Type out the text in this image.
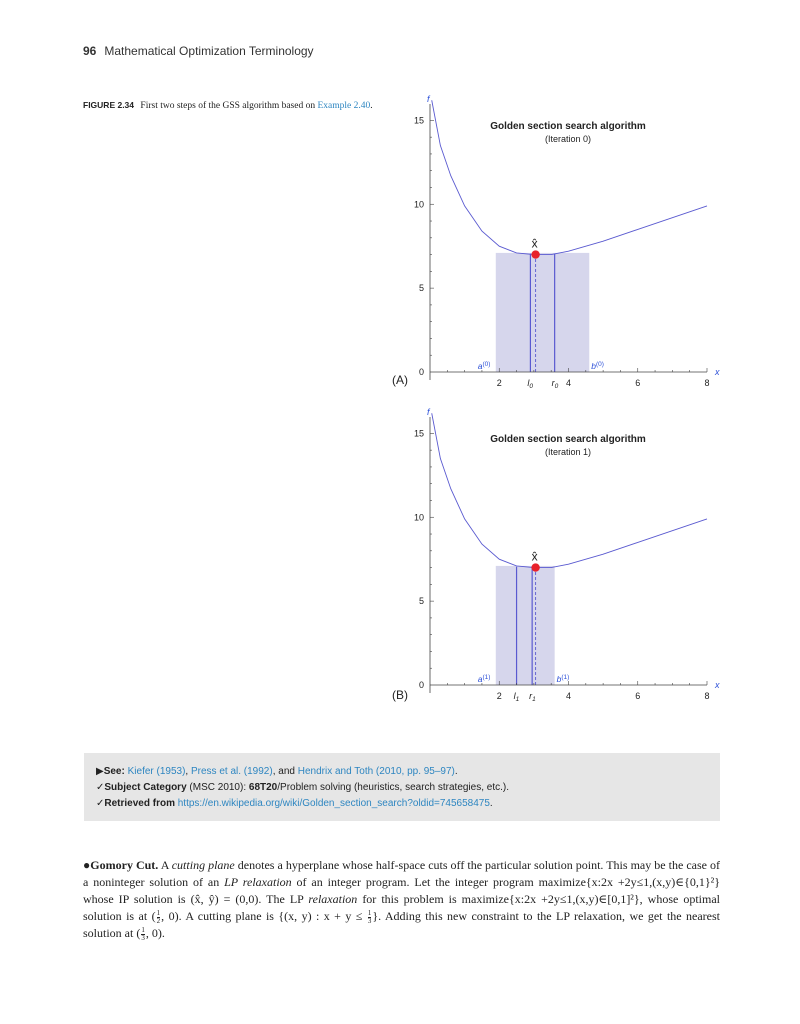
96 Mathematical Optimization Terminology
FIGURE 2.34 First two steps of the GSS algorithm based on Example 2.40.
(A)	$l_0$ $r_0$
x̂
2	4	6	8
0
5
10
15
f
x
Golden section search algorithm
(Iteration 0)
$a^{(0)}$	$b^{(0)}$
(B)	$l_1$ $r_1$
x̂
2	4	6	8
0
5
10
15
f
x
Golden section search algorithm
(Iteration 1)
$a^{(1)}$	$b^{(1)}$
▶See: Kiefer (1953), Press et al. (1992), and Hendrix and Toth (2010, pp. 95–97).
✓Subject Category (MSC 2010): 68T20/Problem solving (heuristics, search strategies, etc.).
✓Retrieved from https://en.wikipedia.org/wiki/Golden_section_search?oldid=745658475.
●Gomory Cut. A cutting plane denotes a hyperplane whose half-space cuts off the particular solution point. This may be the case of a noninteger solution of an LP relaxation of an integer program. Let the integer program maximize{x:2x +2y≤1,(x,y)∈{0,1}²} whose IP solution is (x̂, ŷ) = (0,0). The LP relaxation for this problem is maximize{x:2x +2y≤1,(x,y)∈[0,1]²}, whose optimal solution is at ( $\frac{1}{2}$ , 0). A cutting plane is {(x, y) : $x + y \le \frac{1}{3}$ }. Adding this new constraint to the LP relaxation, we get the nearest solution at ( $\frac{1}{3}$ , 0).
